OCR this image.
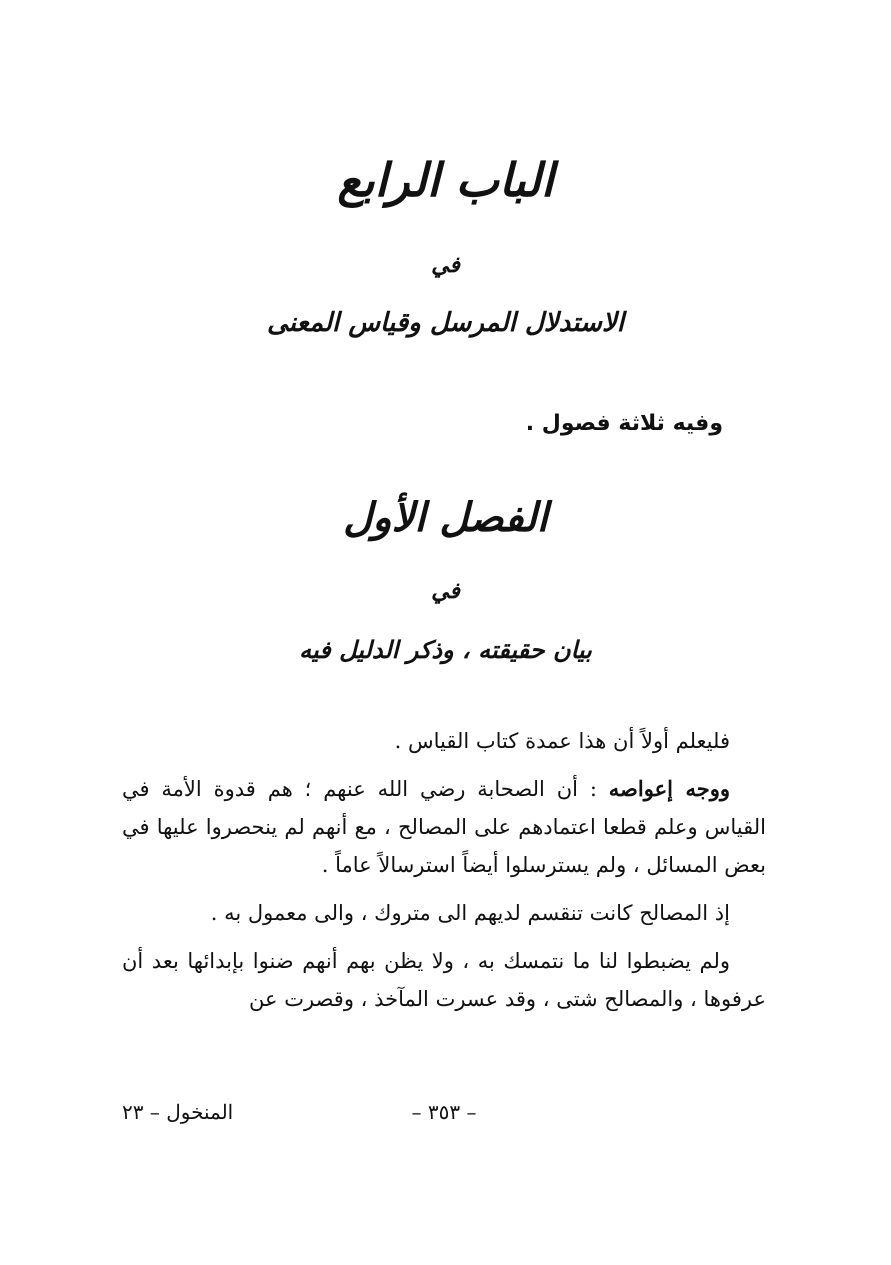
الباب الرابع
في
الاستدلال المرسل وقياس المعنى
وفيه ثلاثة فصول .
الفصل الأول
في
بيان حقيقته ، وذكر الدليل فيه

فليعلم أولاً أن هذا عمدة كتاب القياس .

ووجه إعواصه : أن الصحابة رضي الله عنهم ؛ هم قدوة الأمة في القياس وعلم قطعا اعتمادهم على المصالح ، مع أنهم لم ينحصروا عليها في بعض المسائل ، ولم يسترسلوا أيضاً استرسالاً عاماً .

إذ المصالح كانت تنقسم لديهم الى متروك ، والى معمول به .

ولم يضبطوا لنا ما نتمسك به ، ولا يظن بهم أنهم ضنوا بإبدائها بعد أن عرفوها ، والمصالح شتى ، وقد عسرت المآخذ ، وقصرت عن

– ٣٥٣ –
المنخول – ٢٣
